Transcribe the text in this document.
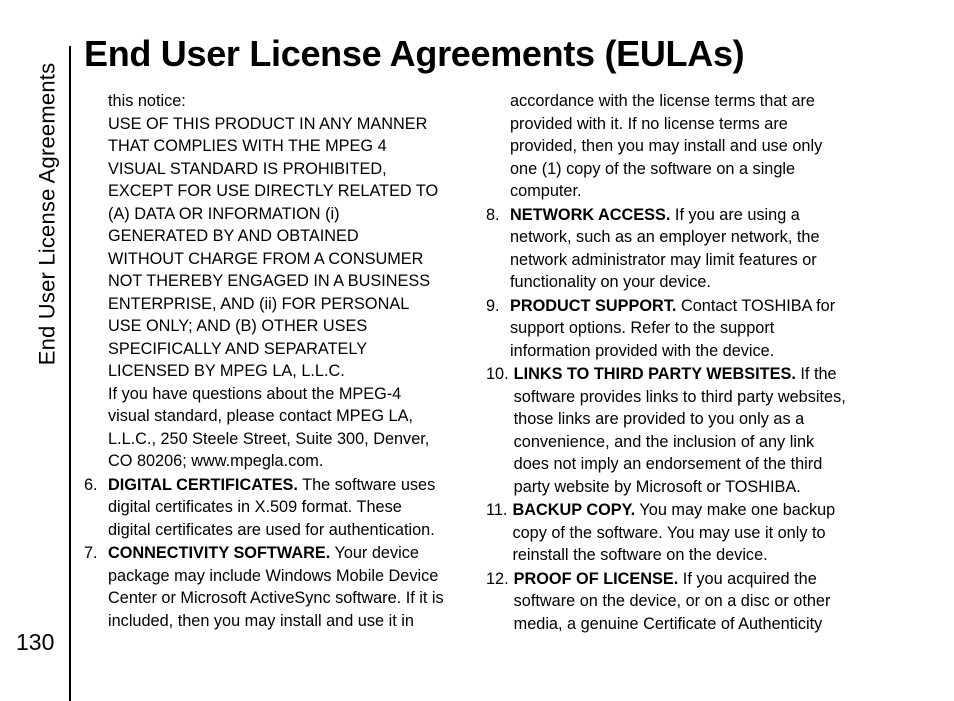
End User License Agreements
130
End User License Agreements (EULAs)
this notice:
USE OF THIS PRODUCT IN ANY MANNER
THAT COMPLIES WITH THE MPEG 4
VISUAL STANDARD IS PROHIBITED,
EXCEPT FOR USE DIRECTLY RELATED TO
(A) DATA OR INFORMATION (i)
GENERATED BY AND OBTAINED
WITHOUT CHARGE FROM A CONSUMER
NOT THEREBY ENGAGED IN A BUSINESS
ENTERPRISE, AND (ii) FOR PERSONAL
USE ONLY; AND (B) OTHER USES
SPECIFICALLY AND SEPARATELY
LICENSED BY MPEG LA, L.L.C.
If you have questions about the MPEG-4
visual standard, please contact MPEG LA,
L.L.C., 250 Steele Street, Suite 300, Denver,
CO 80206; www.mpegla.com.
6. DIGITAL CERTIFICATES. The software uses
digital certificates in X.509 format. These
digital certificates are used for authentication.
7. CONNECTIVITY SOFTWARE. Your device
package may include Windows Mobile Device
Center or Microsoft ActiveSync software. If it is
included, then you may install and use it in
accordance with the license terms that are
provided with it. If no license terms are
provided, then you may install and use only
one (1) copy of the software on a single
computer.
8. NETWORK ACCESS. If you are using a
network, such as an employer network, the
network administrator may limit features or
functionality on your device.
9. PRODUCT SUPPORT. Contact TOSHIBA for
support options. Refer to the support
information provided with the device.
10. LINKS TO THIRD PARTY WEBSITES. If the
software provides links to third party websites,
those links are provided to you only as a
convenience, and the inclusion of any link
does not imply an endorsement of the third
party website by Microsoft or TOSHIBA.
11. BACKUP COPY. You may make one backup
copy of the software. You may use it only to
reinstall the software on the device.
12. PROOF OF LICENSE. If you acquired the
software on the device, or on a disc or other
media, a genuine Certificate of Authenticity
